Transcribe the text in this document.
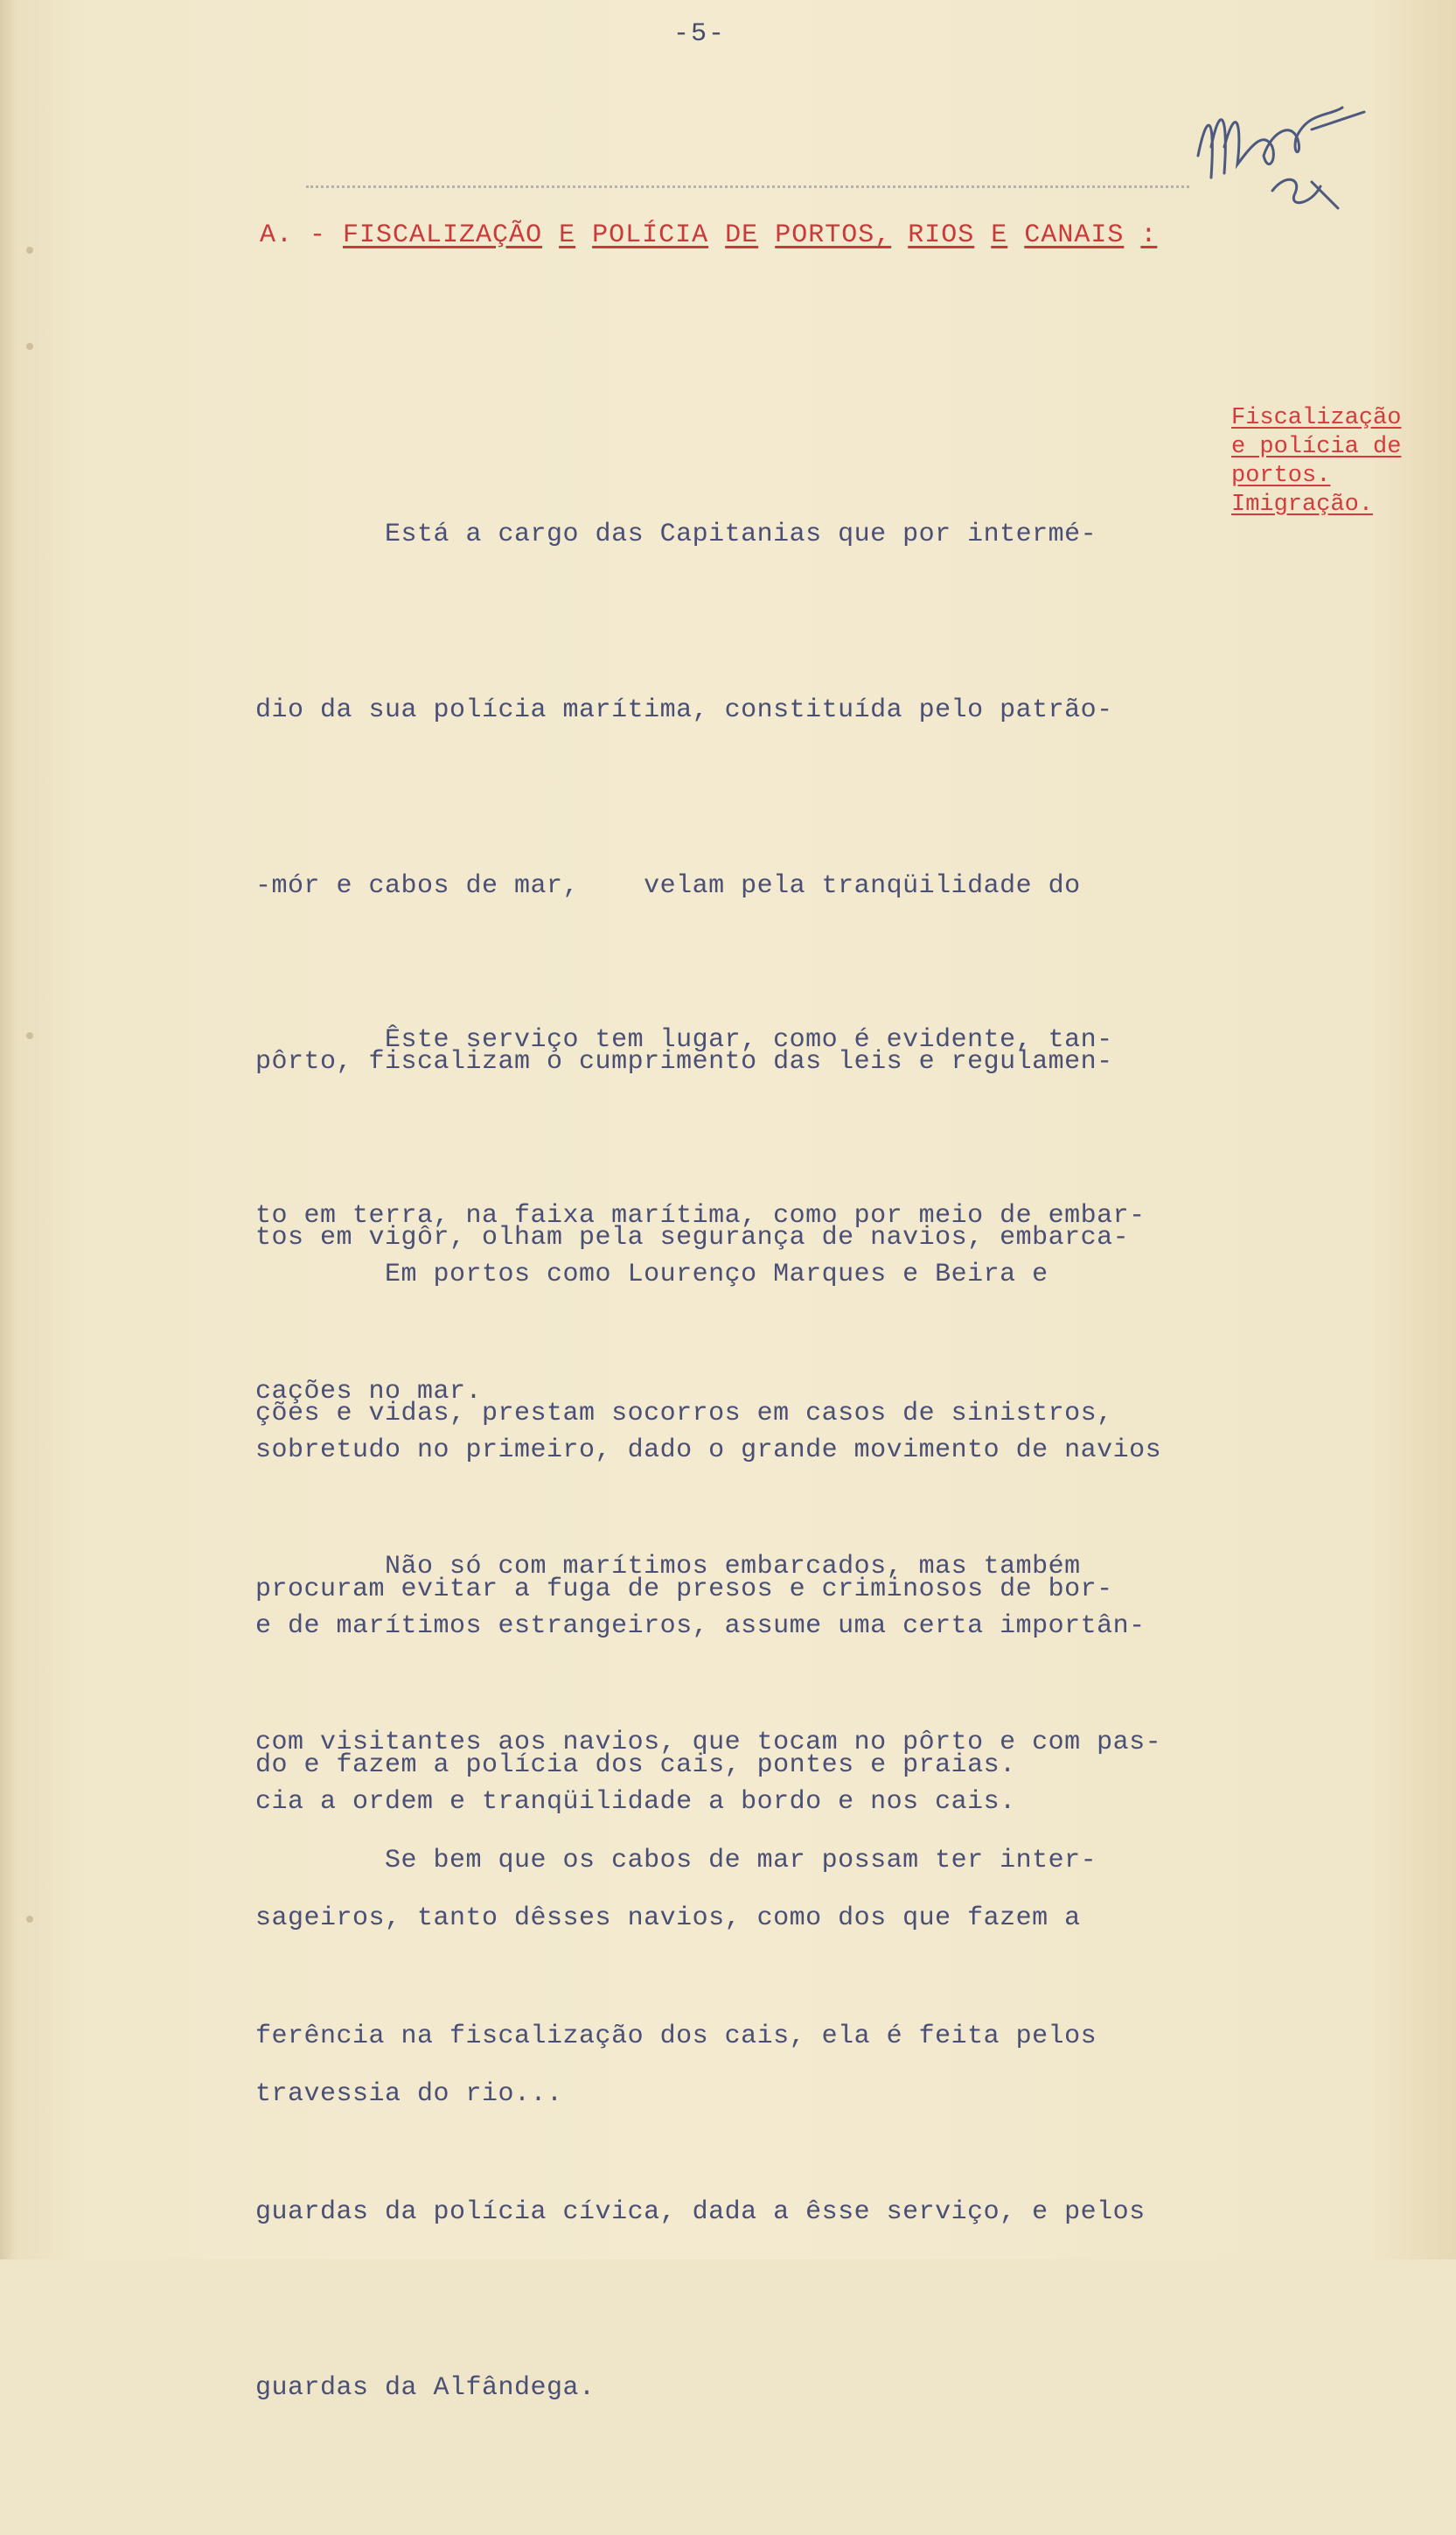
-5-
A. - FISCALIZAÇÃO E POLÍCIA DE PORTOS, RIOS E CANAIS :
Fiscalização
e polícia de
portos.
Imigração.

Está a cargo das Capitanias que por intermé-

dio da sua polícia marítima, constituída pelo patrão-

-mór e cabos de mar,    velam pela tranqüilidade do

pôrto, fiscalizam o cumprimento das leis e regulamen-

tos em vigôr, olham pela segurança de navios, embarca-

ções e vidas, prestam socorros em casos de sinistros,

procuram evitar a fuga de presos e criminosos de bor-

do e fazem a polícia dos cais, pontes e praias.

Êste serviço tem lugar, como é evidente, tan-

to em terra, na faixa marítima, como por meio de embar-

cações no mar.

Em portos como Lourenço Marques e Beira e

sobretudo no primeiro, dado o grande movimento de navios

e de marítimos estrangeiros, assume uma certa importân-

cia a ordem e tranqüilidade a bordo e nos cais.

Não só com marítimos embarcados, mas também

com visitantes aos navios, que tocam no pôrto e com pas-

sageiros, tanto dêsses navios, como dos que fazem a

travessia do rio...

Se bem que os cabos de mar possam ter inter-

ferência na fiscalização dos cais, ela é feita pelos

guardas da polícia cívica, dada a êsse serviço, e pelos

guardas da Alfândega.
